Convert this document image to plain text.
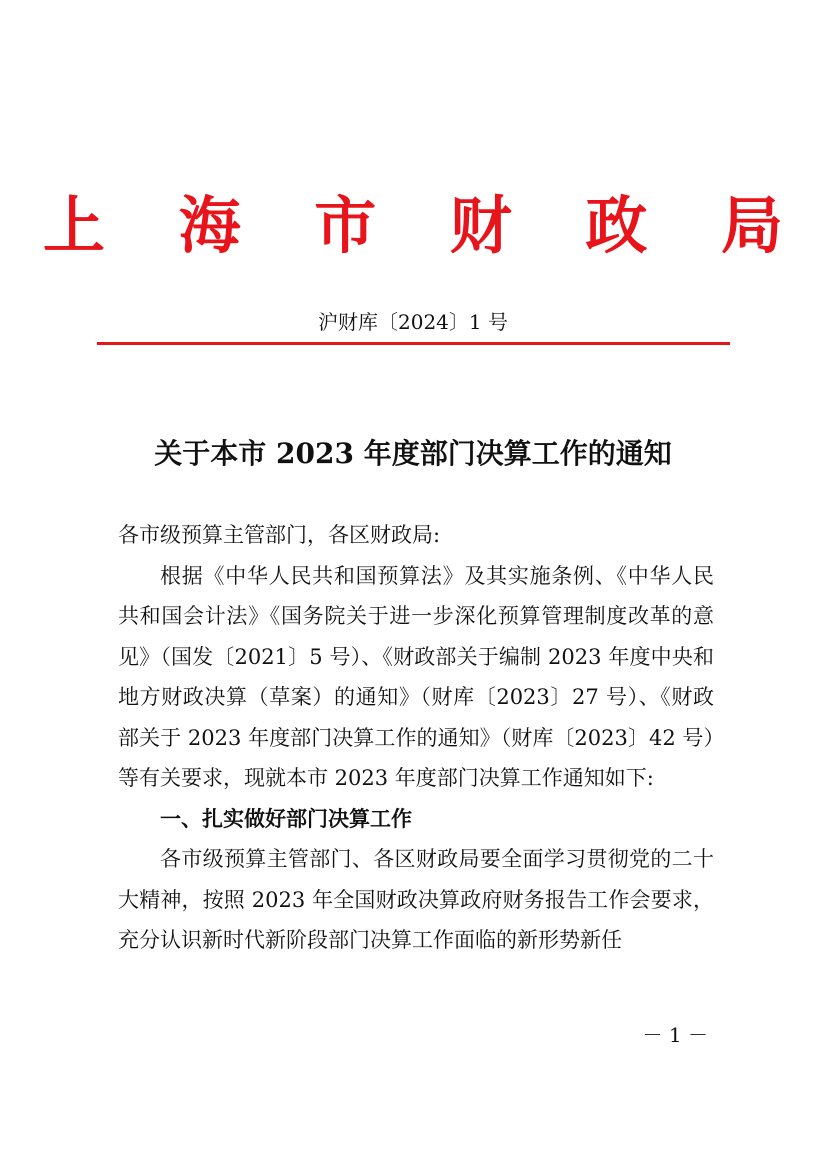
上 海 市 财 政 局
沪财库〔2024〕1 号
关于本市 2023 年度部门决算工作的通知

各市级预算主管部门，各区财政局:

根据《中华人民共和国预算法》及其实施条例、《中华人民共和国会计法》《国务院关于进一步深化预算管理制度改革的意见》（国发〔2021〕5 号）、《财政部关于编制 2023 年度中央和地方财政决算（草案）的通知》（财库〔2023〕27 号）、《财政部关于 2023 年度部门决算工作的通知》（财库〔2023〕42 号）等有关要求，现就本市 2023 年度部门决算工作通知如下:

一、扎实做好部门决算工作

各市级预算主管部门、各区财政局要全面学习贯彻党的二十大精神，按照 2023 年全国财政决算政府财务报告工作会要求，充分认识新时代新阶段部门决算工作面临的新形势新任

－ 1 －
